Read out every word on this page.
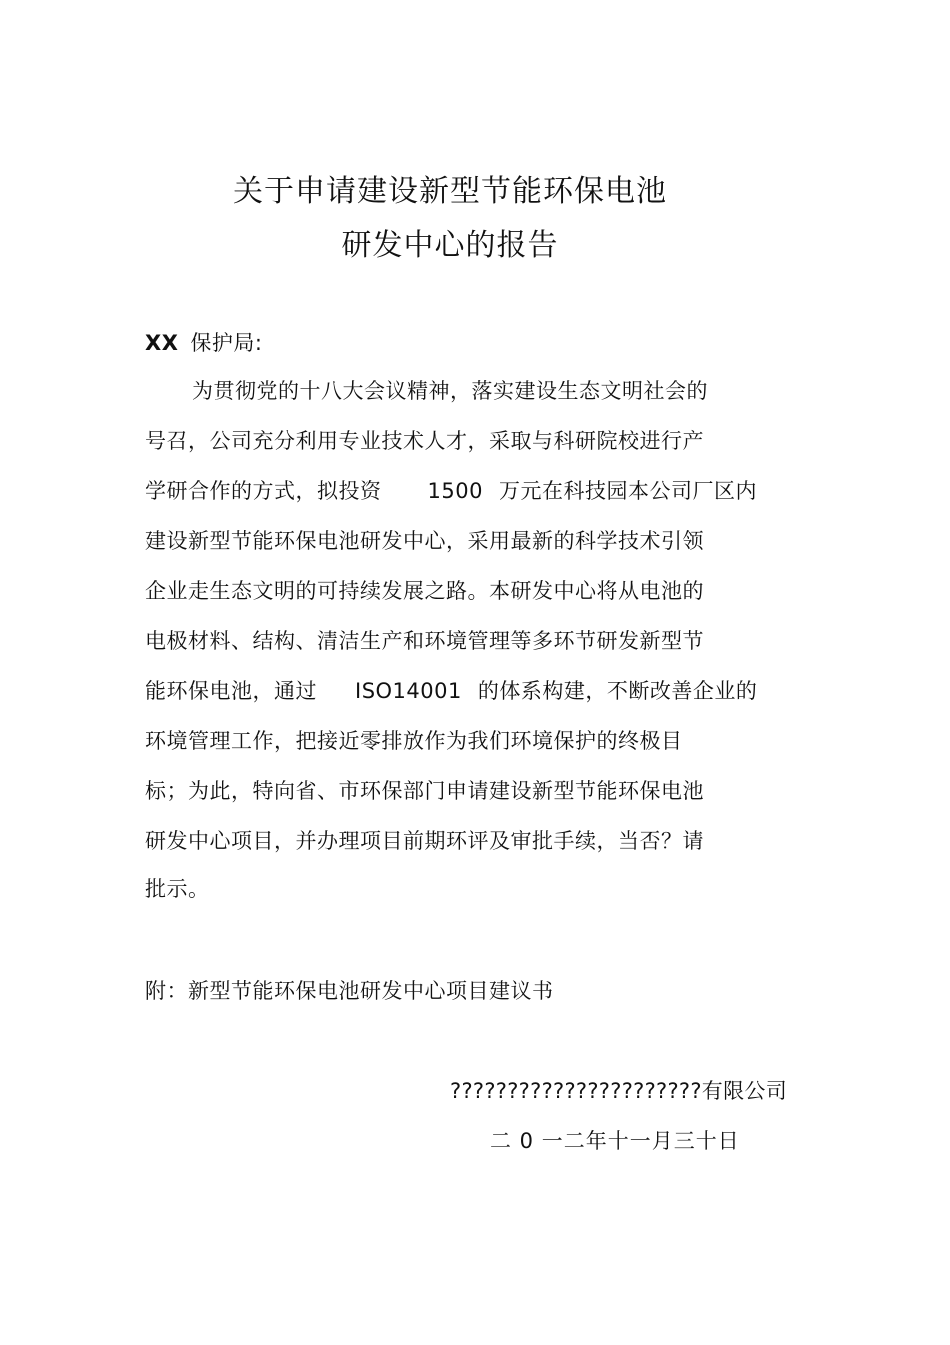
关于申请建设新型节能环保电池
研发中心的报告
XX 保护局:
为贯彻党的十八大会议精神，落实建设生态文明社会的
号召，公司充分利用专业技术人才，采取与科研院校进行产
学研合作的方式，拟投资 1500 万元在科技园本公司厂区内
建设新型节能环保电池研发中心，采用最新的科学技术引领
企业走生态文明的可持续发展之路。本研发中心将从电池的
电极材料、结构、清洁生产和环境管理等多环节研发新型节
能环保电池，通过 ISO14001 的体系构建，不断改善企业的
环境管理工作，把接近零排放作为我们环境保护的终极目
标；为此，特向省、市环保部门申请建设新型节能环保电池
研发中心项目，并办理项目前期环评及审批手续，当否？请
批示。
附：新型节能环保电池研发中心项目建议书
??????????????????????有限公司
二 0 一二年十一月三十日
